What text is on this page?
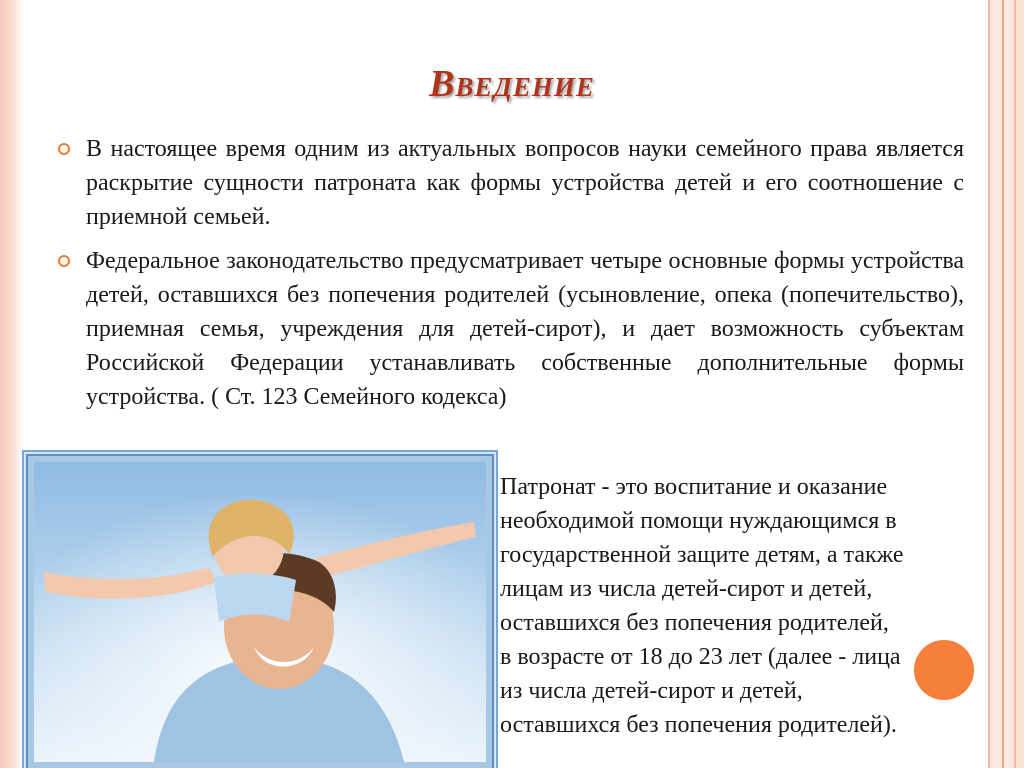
Введение
В настоящее время одним из актуальных вопросов науки семейного права является раскрытие сущности патроната как формы устройства детей и его соотношение с приемной семьей.
Федеральное законодательство предусматривает четыре основные формы устройства детей, оставшихся без попечения родителей (усыновление, опека (попечительство), приемная семья, учреждения для детей-сирот), и дает возможность субъектам Российской Федерации устанавливать собственные дополнительные формы устройства. ( Ст. 123 Семейного кодекса)

Патронат - это воспитание и оказание
необходимой помощи нуждающимся в
государственной защите детям, а также
лицам из числа детей-сирот и детей,
оставшихся без попечения родителей,
в возрасте от 18 до 23 лет (далее - лица
из числа детей-сирот и детей,
оставшихся без попечения родителей).
